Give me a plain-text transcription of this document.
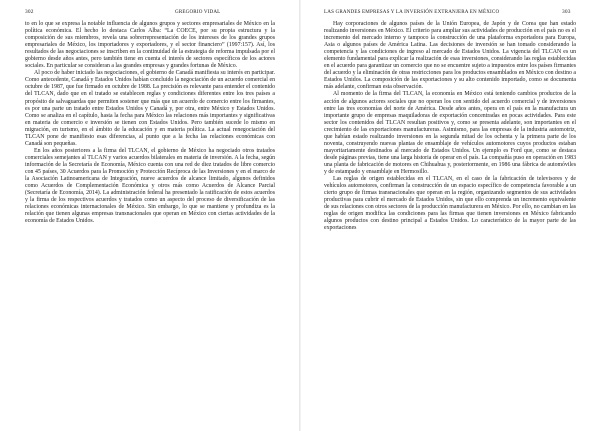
302	GREGORIO VIDAL

to en lo que se expresa la notable influencia de algunos grupos y sectores empresariales de México en la política económica. El hecho lo destaca Carlos Alba: “La COECE, por su propia estructura y la composición de sus miembros, revela una sobrerrepresentación de los intereses de los grandes grupos empresariales de México, los importadores y exportadores, y el sector financiero” (1997:157). Así, los resultados de las negociaciones se inscriben en la continuidad de la estrategia de reforma impulsada por el gobierno desde años antes, pero también tiene en cuenta el interés de sectores específicos de los actores sociales. En particular se consideran a las grandes empresas y grandes fortunas de México.

Al poco de haber iniciado las negociaciones, el gobierno de Canadá manifiesta su interés en participar. Como antecedente, Canadá y Estados Unidos habían concluido la negociación de un acuerdo comercial en octubre de 1987, que fue firmado en octubre de 1988. La precisión es relevante para entender el contenido del TLCAN, dado que en el tratado se establecen reglas y condiciones diferentes entre los tres países a propósito de salvaguardas que permiten sostener que más que un acuerdo de comercio entre los firmantes, es por una parte un tratado entre Estados Unidos y Canadá y, por otra, entre México y Estados Unidos. Como se analiza en el capítulo, hasta la fecha para México las relaciones más importantes y significativas en materia de comercio e inversión se tienen con Estados Unidos. Pero también sucede lo mismo en migración, en turismo, en el ámbito de la educación y en materia política. La actual renegociación del TLCAN pone de manifiesto esas diferencias, al punto que a la fecha las relaciones económicas con Canadá son pequeñas.

En los años posteriores a la firma del TLCAN, el gobierno de México ha negociado otros tratados comerciales semejantes al TLCAN y varios acuerdos bilaterales en materia de inversión. A la fecha, según información de la Secretaría de Economía, México cuenta con una red de diez tratados de libre comercio con 45 países, 30 Acuerdos para la Promoción y Protección Recíproca de las Inversiones y en el marco de la Asociación Latinoamericana de Integración, nueve acuerdos de alcance limitado, algunos definidos como Acuerdos de Complementación Económica y otros más como Acuerdos de Alcance Parcial (Secretaría de Economía, 2014). La administración federal ha presentado la ratificación de estos acuerdos y la firma de los respectivos acuerdos y tratados como un aspecto del proceso de diversificación de las relaciones económicas internacionales de México. Sin embargo, lo que se mantiene y profundiza es la relación que tienen algunas empresas transnacionales que operan en México con ciertas actividades de la economía de Estados Unidos.

LAS GRANDES EMPRESAS Y LA INVERSIÓN EXTRANJERA EN MÉXICO	303

Hay corporaciones de algunos países de la Unión Europea, de Japón y de Corea que han estado realizando inversiones en México. El criterio para ampliar sus actividades de producción en el país no es el incremento del mercado interno y tampoco la construcción de una plataforma exportadora para Europa, Asia o algunos países de América Latina. Las decisiones de inversión se han tomado considerando la competencia y las condiciones de ingreso al mercado de Estados Unidos. La vigencia del TLCAN es un elemento fundamental para explicar la realización de esas inversiones, considerando las reglas establecidas en el acuerdo para garantizar un comercio que no se encuentre sujeto a impuestos entre los países firmantes del acuerdo y la eliminación de otras restricciones para los productos ensamblados en México con destino a Estados Unidos. La composición de las exportaciones y su alto contenido importado, como se documenta más adelante, confirman esta observación.

Al momento de la firma del TLCAN, la economía en México está teniendo cambios productos de la acción de algunos actores sociales que no operan los con sentido del acuerdo comercial y de inversiones entre las tres economías del norte de América. Desde años antes, opera en el país en la manufactura un importante grupo de empresas maquiladoras de exportación concentradas en pocas actividades. Para este sector los contenidos del TLCAN resultan positivos y, como se presenta adelante, son importantes en el crecimiento de las exportaciones manufactureras. Asimismo, para las empresas de la industria automotriz, que habían estado realizando inversiones en la segunda mitad de los ochenta y la primera parte de los noventa, construyendo nuevas plantas de ensamblaje de vehículos automotores cuyos productos estaban mayoritariamente destinados al mercado de Estados Unidos. Un ejemplo es Ford que, como se destaca desde páginas previas, tiene una larga historia de operar en el país. La compañía puso en operación en 1983 una planta de fabricación de motores en Chihuahua y, posteriormente, en 1986 una fábrica de automóviles y de estampado y ensamblaje en Hermosillo.

Las reglas de origen establecidas en el TLCAN, en el caso de la fabricación de televisores y de vehículos automotores, confirman la construcción de un espacio específico de competencia favorable a un cierto grupo de firmas transnacionales que operan en la región, organizando segmentos de sus actividades productivas para cubrir el mercado de Estados Unidos, sin que ello comprenda un incremento equivalente de sus relaciones con otros sectores de la producción manufacturera en México. Por ello, no cambian en las reglas de origen modifica las condiciones para las firmas que tienen inversiones en México fabricando algunos productos con destino principal a Estados Unidos. Lo característico de la mayor parte de las exportaciones
